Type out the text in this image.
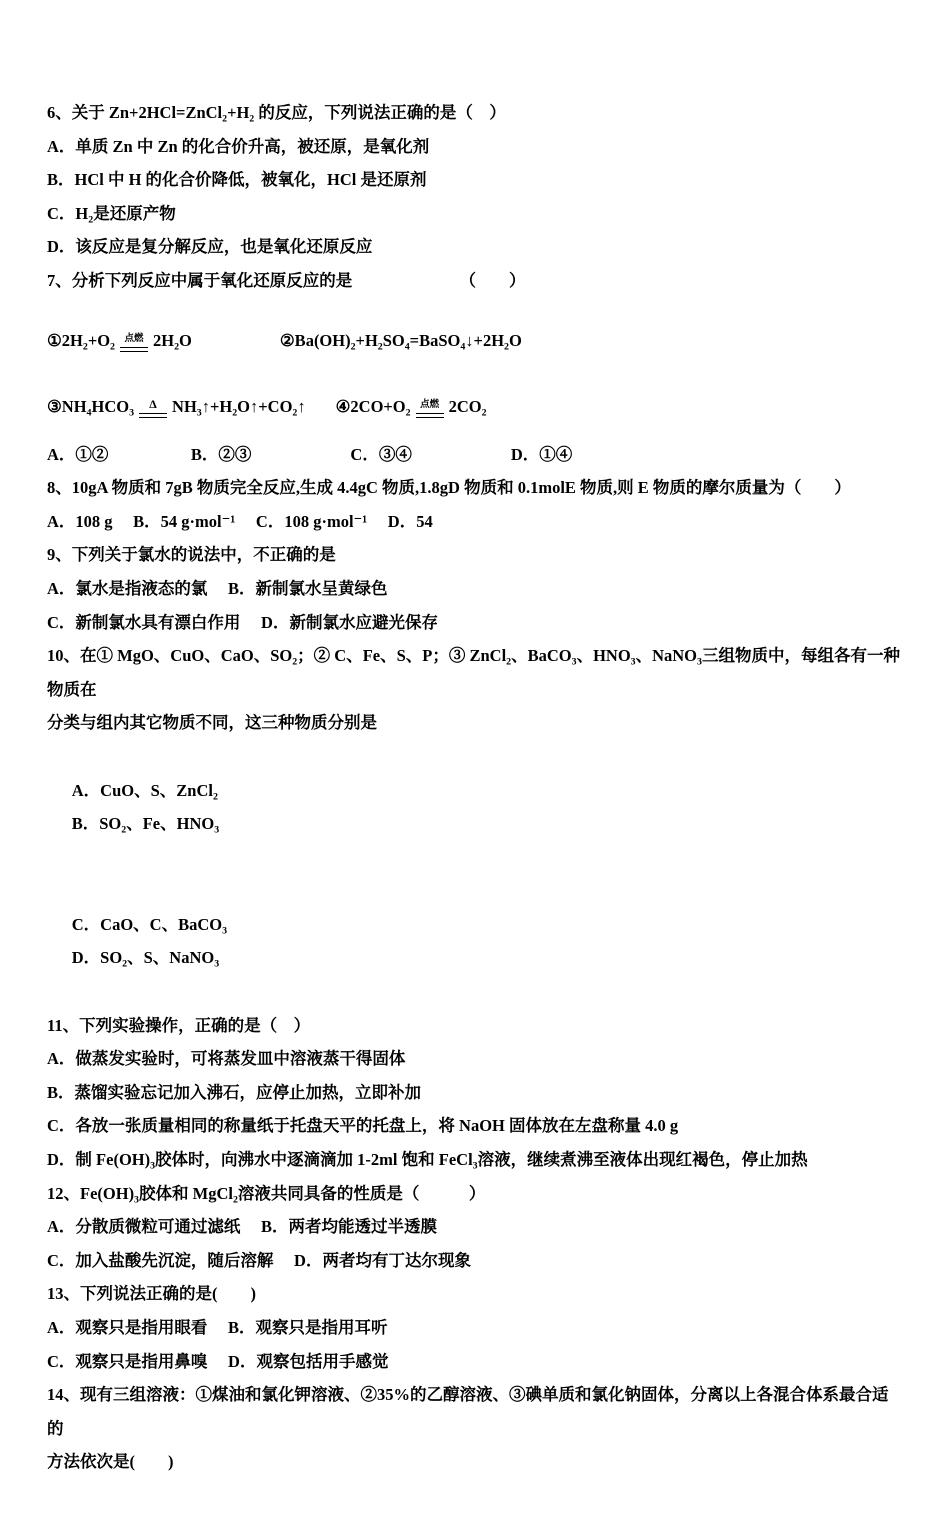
6、关于 Zn+2HCl=ZnCl₂+H₂ 的反应，下列说法正确的是（　）
A．单质 Zn 中 Zn 的化合价升高，被还原，是氧化剂
B．HCl 中 H 的化合价降低，被氧化，HCl 是还原剂
C．H₂是还原产物
D．该反应是复分解反应，也是氧化还原反应
7、分析下列反应中属于氧化还原反应的是　　　　　　　（　　）
①2H₂+O₂ 点燃 2H₂O	②Ba(OH)₂+H₂SO₄=BaSO₄↓+2H₂O
③NH₄HCO₃ Δ NH₃↑+H₂O↑+CO₂↑ ④2CO+O₂ 点燃 2CO₂
A．①②　　　　　B．②③　　　　　　C．③④　　　　　　D．①④
8、10gA 物质和 7gB 物质完全反应,生成 4.4gC 物质,1.8gD 物质和 0.1molE 物质,则 E 物质的摩尔质量为（　　）
A．108 g　 B．54 g·mol⁻¹ 　C．108 g·mol⁻¹ 　D．54
9、下列关于氯水的说法中，不正确的是
A．氯水是指液态的氯　 B．新制氯水呈黄绿色
C．新制氯水具有漂白作用　 D．新制氯水应避光保存
10、在① MgO、CuO、CaO、SO₂；② C、Fe、S、P；③ ZnCl₂、BaCO₃、HNO₃、NaNO₃三组物质中，每组各有一种物质在
分类与组内其它物质不同，这三种物质分别是

A．CuO、S、ZnCl₂
B．SO₂、Fe、HNO₃

C．CaO、C、BaCO₃
D．SO₂、S、NaNO₃

11、下列实验操作，正确的是（　）
A．做蒸发实验时，可将蒸发皿中溶液蒸干得固体
B．蒸馏实验忘记加入沸石，应停止加热，立即补加
C．各放一张质量相同的称量纸于托盘天平的托盘上，将 NaOH 固体放在左盘称量 4.0 g
D．制 Fe(OH)₃胶体时，向沸水中逐滴滴加 1-2ml 饱和 FeCl₃溶液，继续煮沸至液体出现红褐色，停止加热
12、Fe(OH)₃胶体和 MgCl₂溶液共同具备的性质是（　　　）
A．分散质微粒可通过滤纸　 B．两者均能透过半透膜
C．加入盐酸先沉淀，随后溶解　 D．两者均有丁达尔现象
13、下列说法正确的是(　　)
A．观察只是指用眼看　 B．观察只是指用耳听
C．观察只是指用鼻嗅　 D．观察包括用手感觉
14、现有三组溶液：①煤油和氯化钾溶液、②35%的乙醇溶液、③碘单质和氯化钠固体，分离以上各混合体系最合适的
方法依次是(　　)
